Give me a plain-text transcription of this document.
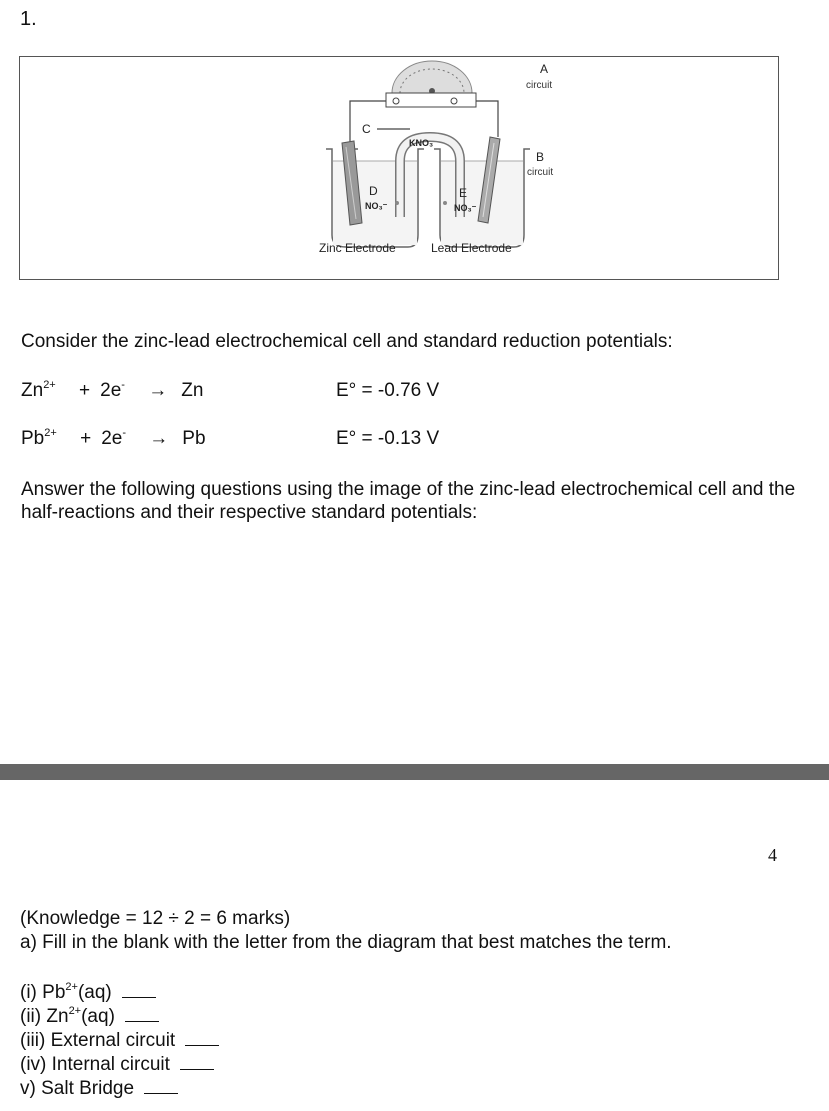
1.
A
circuit
B
circuit
C
KNO₃
D
NO₃⁻
E
NO₃⁻
Zinc Electrode	Lead Electrode
Consider the zinc-lead electrochemical cell and standard reduction potentials:
$Zn^{2+} + 2e^- \to Zn$	E° = -0.76 V
$Pb^{2+} + 2e^- \to Pb$	E° = -0.13 V
Answer the following questions using the image of the zinc-lead electrochemical cell and the half-reactions and their respective standard potentials:
4
(Knowledge = 12 ÷ 2 = 6 marks)
a) Fill in the blank with the letter from the diagram that best matches the term.
(i) $Pb^{2+}(aq)$
(ii) $Zn^{2+}(aq)$
(iii) External circuit
(iv) Internal circuit
v) Salt Bridge
